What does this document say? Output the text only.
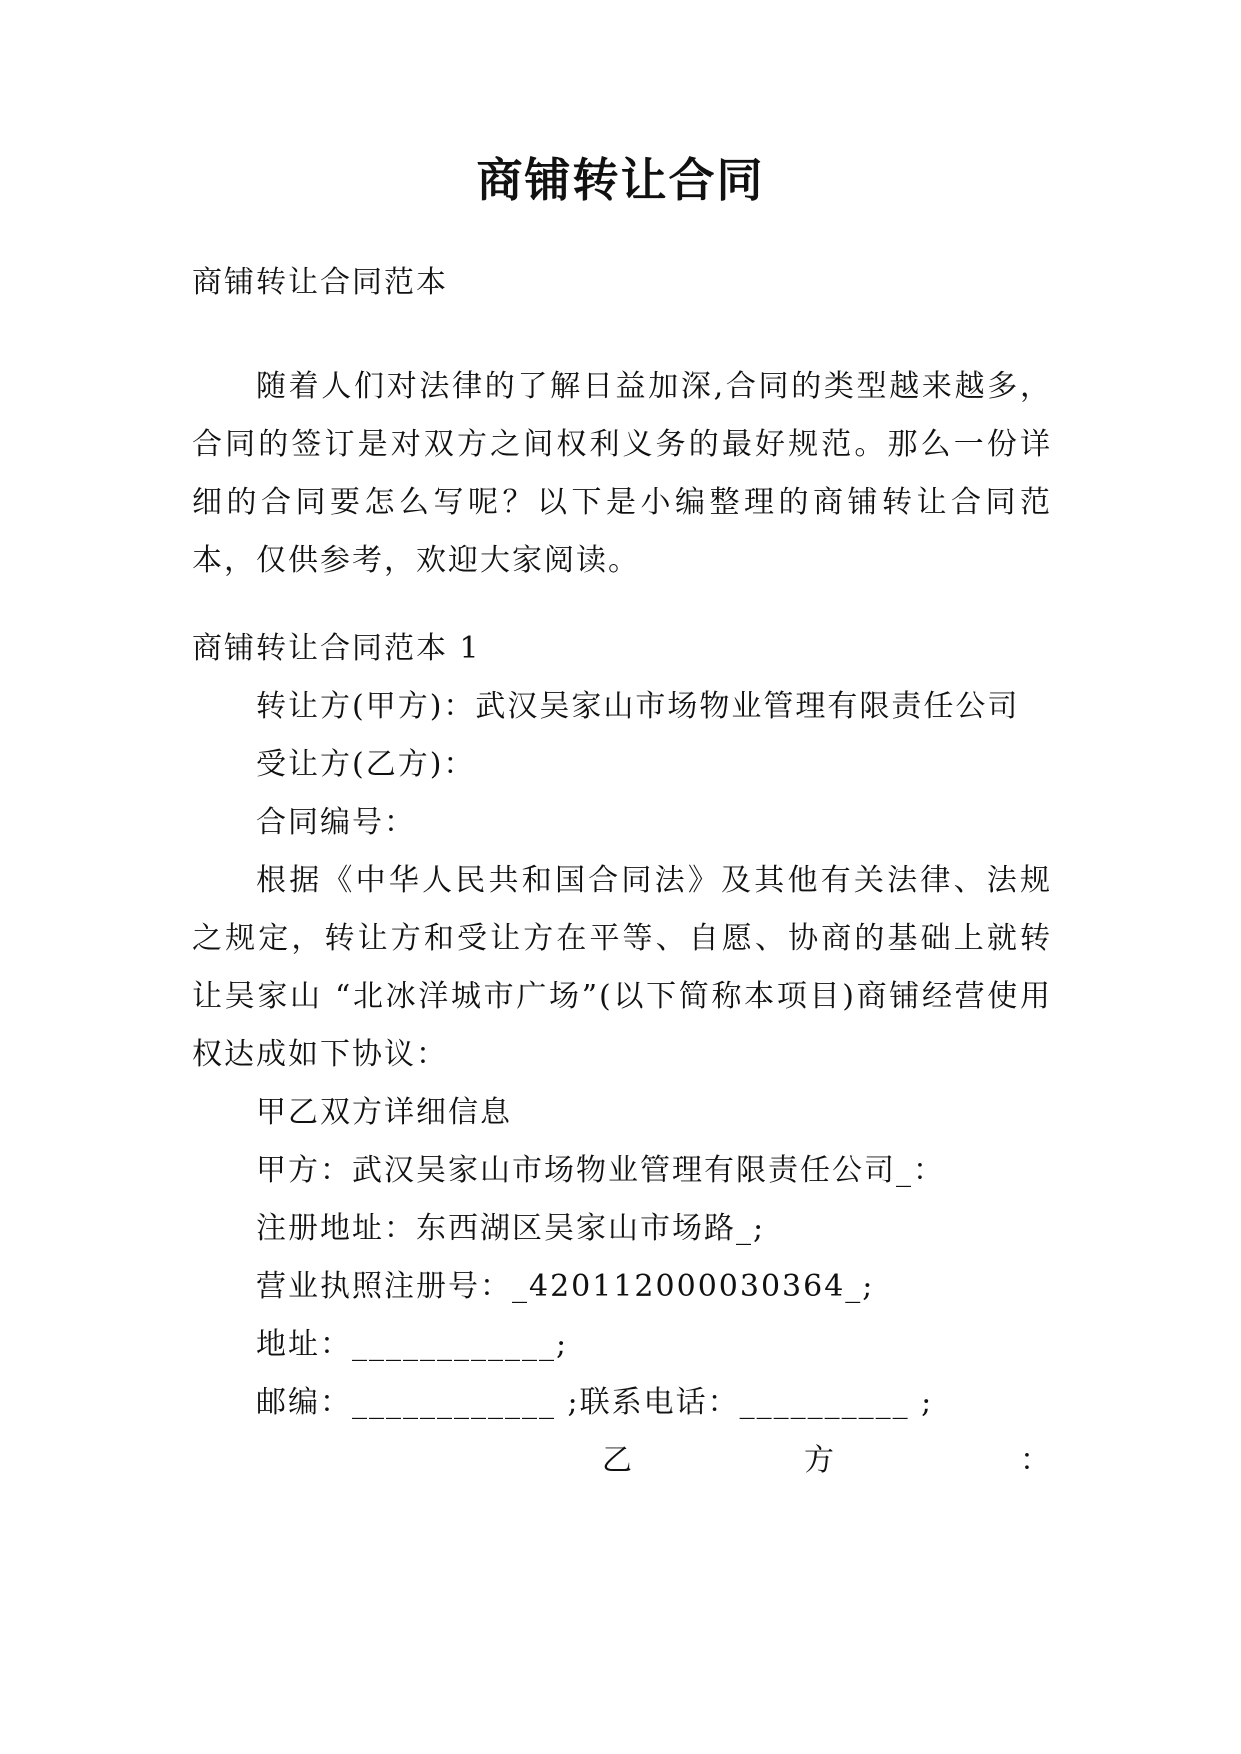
商铺转让合同
商铺转让合同范本
随着人们对法律的了解日益加深,合同的类型越来越多，合同的签订是对双方之间权利义务的最好规范。那么一份详细的合同要怎么写呢？以下是小编整理的商铺转让合同范本，仅供参考，欢迎大家阅读。
商铺转让合同范本 1
转让方(甲方)：武汉吴家山市场物业管理有限责任公司
受让方(乙方)：
合同编号：
根据《中华人民共和国合同法》及其他有关法律、法规之规定，转让方和受让方在平等、自愿、协商的基础上就转让吴家山 “北冰洋城市广场”(以下简称本项目)商铺经营使用权达成如下协议：
甲乙双方详细信息
甲方：武汉吴家山市场物业管理有限责任公司_：
注册地址：东西湖区吴家山市场路_;
营业执照注册号：_420112000030364_;
地址：____________;
邮编：____________ ;联系电话：__________ ;
乙	方	：
